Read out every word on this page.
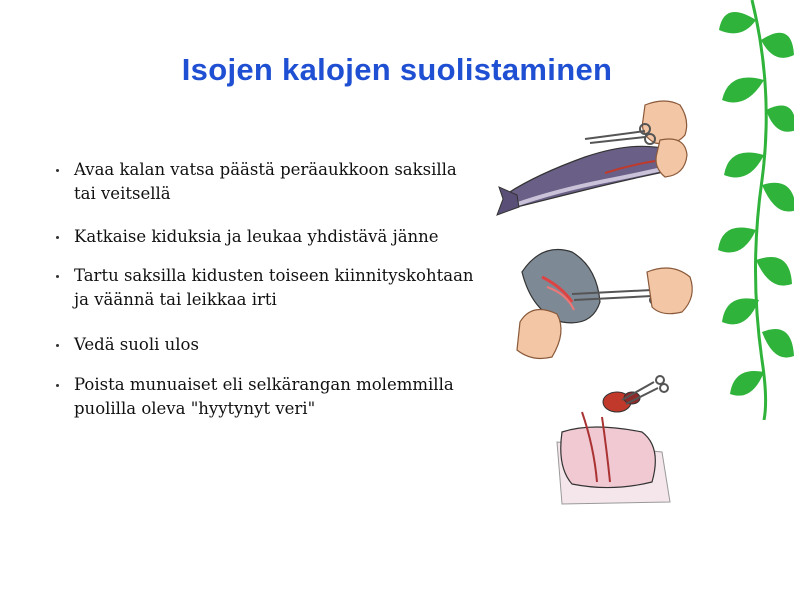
Isojen kalojen suolistaminen
Avaa kalan vatsa päästä peräaukkoon saksilla tai veitsellä
Katkaise kiduksia ja leukaa yhdistävä jänne
Tartu saksilla kidusten toiseen kiinnityskohtaan ja väännä tai leikkaa irti
Vedä suoli ulos
Poista munuaiset eli selkärangan molemmilla puolilla oleva "hyytynyt veri"
